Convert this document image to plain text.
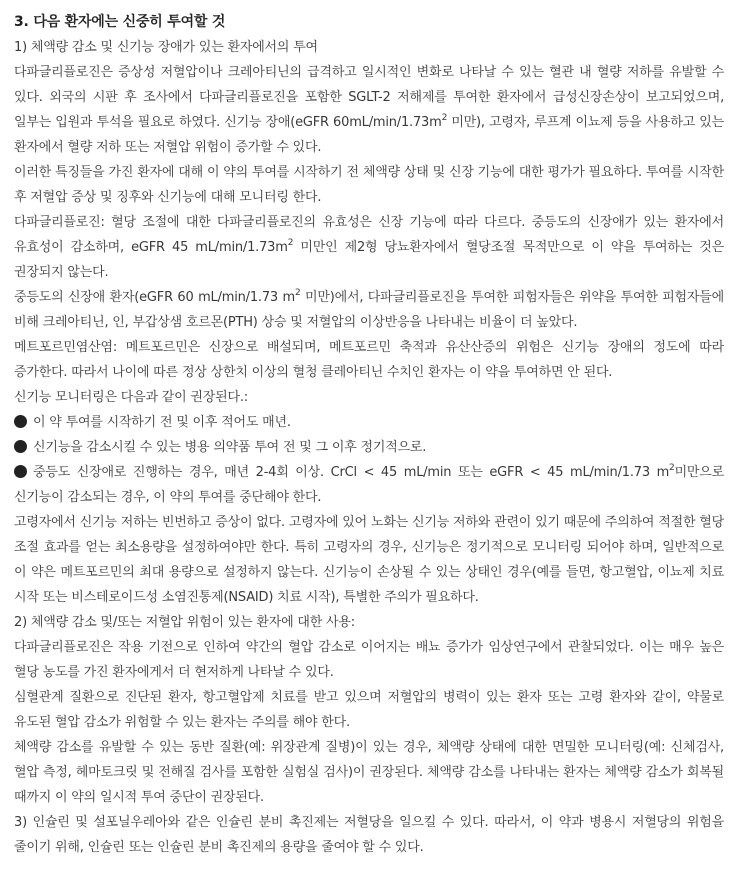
3. 다음 환자에는 신중히 투여할 것

1) 체액량 감소 및 신기능 장애가 있는 환자에서의 투여

다파글리플로진은 증상성 저혈압이나 크레아티닌의 급격하고 일시적인 변화로 나타날 수 있는 혈관 내 혈량 저하를 유발할 수 있다. 외국의 시판 후 조사에서 다파글리플로진을 포함한 SGLT-2 저해제를 투여한 환자에서 급성신장손상이 보고되었으며, 일부는 입원과 투석을 필요로 하였다. 신기능 장애(eGFR $60mL/\min/1.73m^2$ 미만), 고령자, 루프계 이뇨제 등을 사용하고 있는 환자에서 혈량 저하 또는 저혈압 위험이 증가할 수 있다.

이러한 특징들을 가진 환자에 대해 이 약의 투여를 시작하기 전 체액량 상태 및 신장 기능에 대한 평가가 필요하다. 투여를 시작한 후 저혈압 증상 및 징후와 신기능에 대해 모니터링 한다.

다파글리플로진: 혈당 조절에 대한 다파글리플로진의 유효성은 신장 기능에 따라 다르다. 중등도의 신장애가 있는 환자에서 유효성이 감소하며, eGFR 45 $mL/\min/1.73m^2$ 미만인 제2형 당뇨환자에서 혈당조절 목적만으로 이 약을 투여하는 것은 권장되지 않는다.

중등도의 신장애 환자(eGFR 60 mL/min/1.73 $m^2$ 미만)에서, 다파글리플로진을 투여한 피험자들은 위약을 투여한 피험자들에 비해 크레아티닌, 인, 부갑상샘 호르몬(PTH) 상승 및 저혈압의 이상반응을 나타내는 비율이 더 높았다.

메트포르민염산염: 메트포르민은 신장으로 배설되며, 메트포르민 축적과 유산산증의 위험은 신기능 장애의 정도에 따라 증가한다. 따라서 나이에 따른 정상 상한치 이상의 혈청 클레아티닌 수치인 환자는 이 약을 투여하면 안 된다.

신기능 모니터링은 다음과 같이 권장된다.:

이 약 투여를 시작하기 전 및 이후 적어도 매년.

신기능을 감소시킬 수 있는 병용 의약품 투여 전 및 그 이후 정기적으로.

중등도 신장애로 진행하는 경우, 매년 2-4회 이상. CrCl < 45 mL/min 또는 eGFR < 45 mL/min/1.73 $m^2$미만으로 신기능이 감소되는 경우, 이 약의 투여를 중단해야 한다.

고령자에서 신기능 저하는 빈번하고 증상이 없다. 고령자에 있어 노화는 신기능 저하와 관련이 있기 때문에 주의하여 적절한 혈당 조절 효과를 얻는 최소용량을 설정하여야만 한다. 특히 고령자의 경우, 신기능은 정기적으로 모니터링 되어야 하며, 일반적으로 이 약은 메트포르민의 최대 용량으로 설정하지 않는다. 신기능이 손상될 수 있는 상태인 경우(예를 들면, 항고혈압, 이뇨제 치료 시작 또는 비스테로이드성 소염진통제(NSAID) 치료 시작), 특별한 주의가 필요하다.

2) 체액량 감소 및/또는 저혈압 위험이 있는 환자에 대한 사용:

다파글리플로진은 작용 기전으로 인하여 약간의 혈압 감소로 이어지는 배뇨 증가가 임상연구에서 관찰되었다. 이는 매우 높은 혈당 농도를 가진 환자에게서 더 현저하게 나타날 수 있다.

심혈관계 질환으로 진단된 환자, 항고혈압제 치료를 받고 있으며 저혈압의 병력이 있는 환자 또는 고령 환자와 같이, 약물로 유도된 혈압 감소가 위험할 수 있는 환자는 주의를 해야 한다.

체액량 감소를 유발할 수 있는 동반 질환(예: 위장관계 질병)이 있는 경우, 체액량 상태에 대한 면밀한 모니터링(예: 신체검사, 혈압 측정, 헤마토크릿 및 전해질 검사를 포함한 실험실 검사)이 권장된다. 체액량 감소를 나타내는 환자는 체액량 감소가 회복될 때까지 이 약의 일시적 투여 중단이 권장된다.

3) 인슐린 및 설포닐우레아와 같은 인슐린 분비 촉진제는 저혈당을 일으킬 수 있다. 따라서, 이 약과 병용시 저혈당의 위험을 줄이기 위해, 인슐린 또는 인슐린 분비 촉진제의 용량을 줄여야 할 수 있다.
